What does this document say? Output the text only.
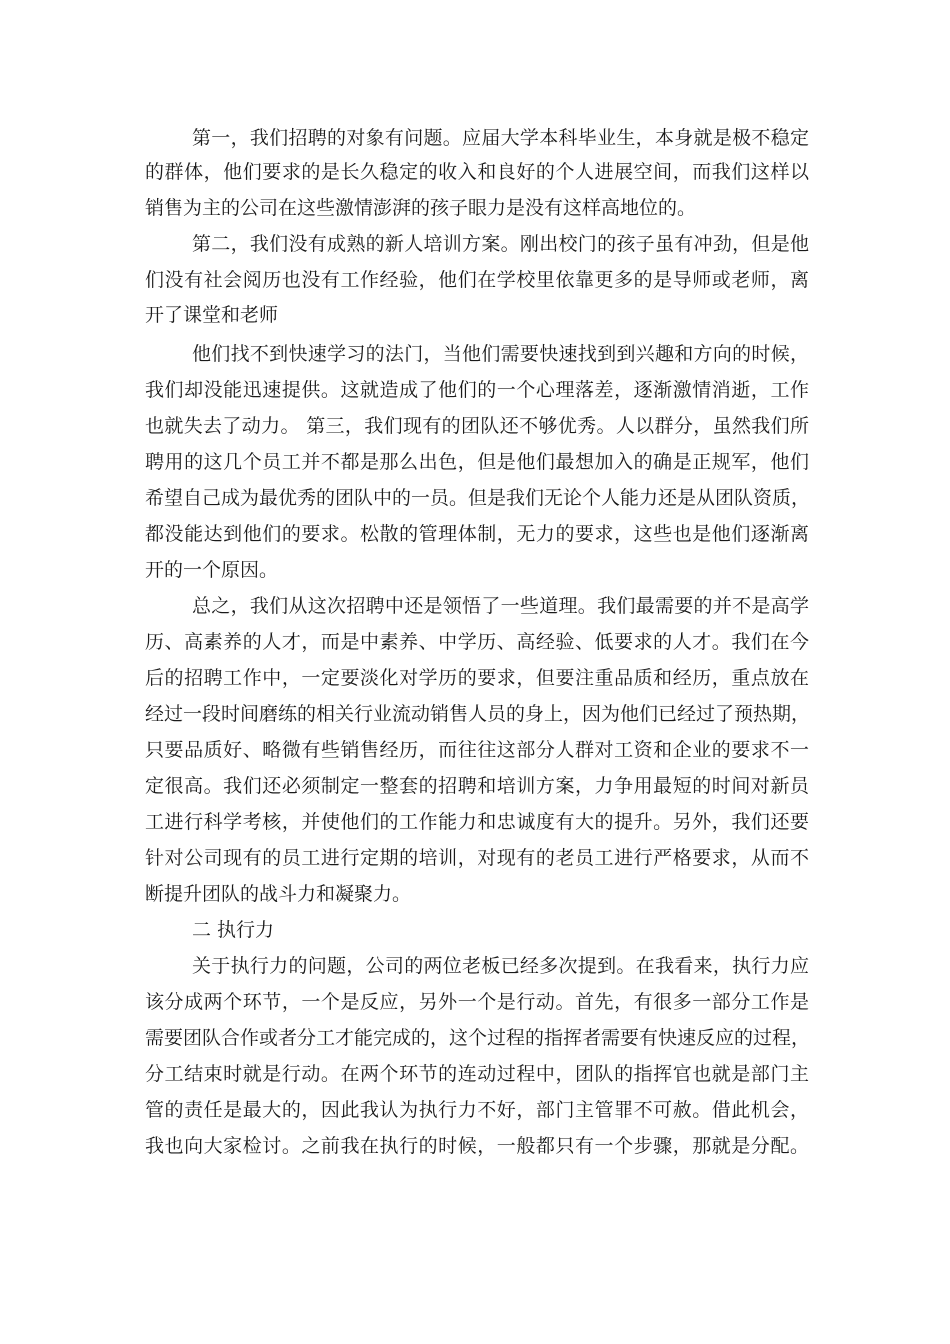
第一，我们招聘的对象有问题。应届大学本科毕业生，本身就是极不稳定
的群体，他们要求的是长久稳定的收入和良好的个人进展空间，而我们这样以
销售为主的公司在这些激情澎湃的孩子眼力是没有这样高地位的。
第二，我们没有成熟的新人培训方案。刚出校门的孩子虽有冲劲，但是他
们没有社会阅历也没有工作经验，他们在学校里依靠更多的是导师或老师，离
开了课堂和老师
他们找不到快速学习的法门，当他们需要快速找到到兴趣和方向的时候，
我们却没能迅速提供。这就造成了他们的一个心理落差，逐渐激情消逝，工作
也就失去了动力。 第三，我们现有的团队还不够优秀。人以群分，虽然我们所
聘用的这几个员工并不都是那么出色，但是他们最想加入的确是正规军，他们
希望自己成为最优秀的团队中的一员。但是我们无论个人能力还是从团队资质，
都没能达到他们的要求。松散的管理体制，无力的要求，这些也是他们逐渐离
开的一个原因。
总之，我们从这次招聘中还是领悟了一些道理。我们最需要的并不是高学
历、高素养的人才，而是中素养、中学历、高经验、低要求的人才。我们在今
后的招聘工作中，一定要淡化对学历的要求，但要注重品质和经历，重点放在
经过一段时间磨练的相关行业流动销售人员的身上，因为他们已经过了预热期，
只要品质好、略微有些销售经历，而往往这部分人群对工资和企业的要求不一
定很高。我们还必须制定一整套的招聘和培训方案，力争用最短的时间对新员
工进行科学考核，并使他们的工作能力和忠诚度有大的提升。另外，我们还要
针对公司现有的员工进行定期的培训，对现有的老员工进行严格要求，从而不
断提升团队的战斗力和凝聚力。
二 执行力
关于执行力的问题，公司的两位老板已经多次提到。在我看来，执行力应
该分成两个环节，一个是反应，另外一个是行动。首先，有很多一部分工作是
需要团队合作或者分工才能完成的，这个过程的指挥者需要有快速反应的过程，
分工结束时就是行动。在两个环节的连动过程中，团队的指挥官也就是部门主
管的责任是最大的，因此我认为执行力不好，部门主管罪不可赦。借此机会，
我也向大家检讨。之前我在执行的时候，一般都只有一个步骤，那就是分配。
